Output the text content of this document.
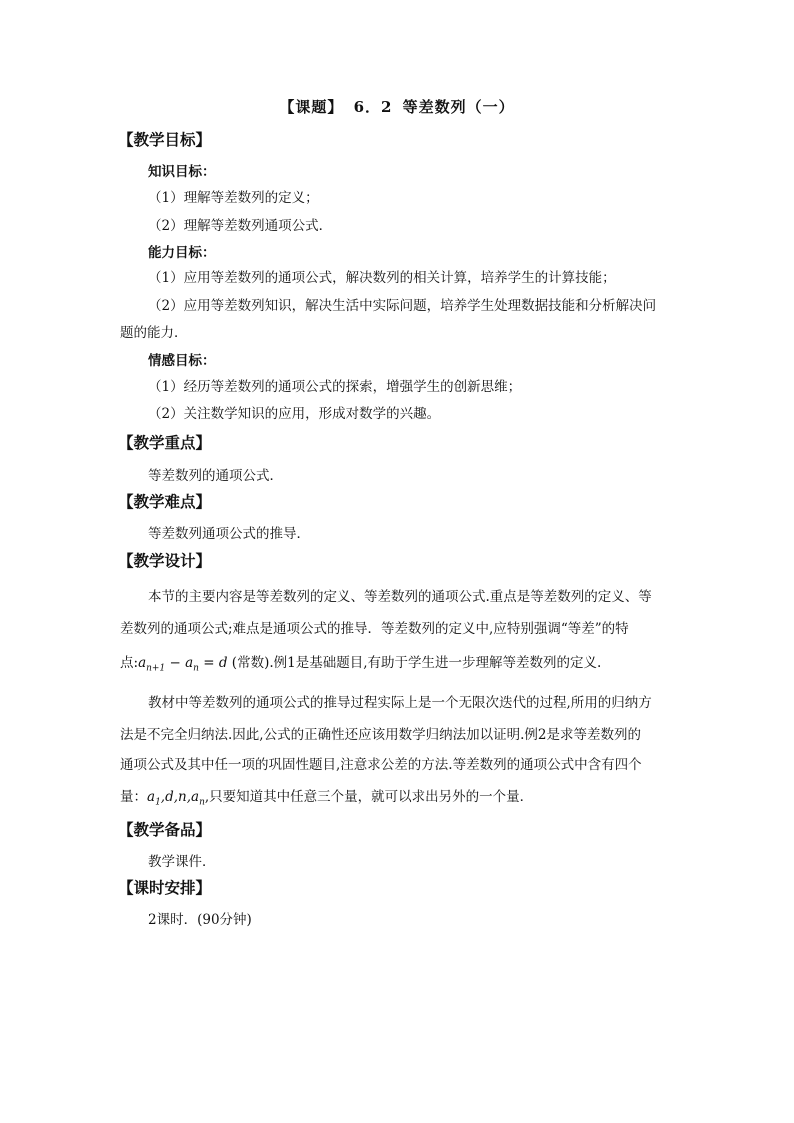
【课题】 6．2 等差数列（一）
【教学目标】
知识目标：
（1）理解等差数列的定义；
（2）理解等差数列通项公式．
能力目标：
（1）应用等差数列的通项公式，解决数列的相关计算，培养学生的计算技能；
（2）应用等差数列知识，解决生活中实际问题，培养学生处理数据技能和分析解决问
题的能力．
情感目标：
（1）经历等差数列的通项公式的探索，增强学生的创新思维；
（2）关注数学知识的应用，形成对数学的兴趣。
【教学重点】
等差数列的通项公式．
【教学难点】
等差数列通项公式的推导．
【教学设计】
本节的主要内容是等差数列的定义、等差数列的通项公式.重点是等差数列的定义、等
差数列的通项公式;难点是通项公式的推导．等差数列的定义中,应特别强调“等差”的特
点$:a_{n+1} - a_n = d$ (常数).例1是基础题目,有助于学生进一步理解等差数列的定义.
教材中等差数列的通项公式的推导过程实际上是一个无限次迭代的过程,所用的归纳方
法是不完全归纳法.因此,公式的正确性还应该用数学归纳法加以证明.例2是求等差数列的
通项公式及其中任一项的巩固性题目,注意求公差的方法.等差数列的通项公式中含有四个
量：$a_1,d,n,a_n$,只要知道其中任意三个量，就可以求出另外的一个量．
【教学备品】
教学课件．
【课时安排】
2课时．(90分钟)
